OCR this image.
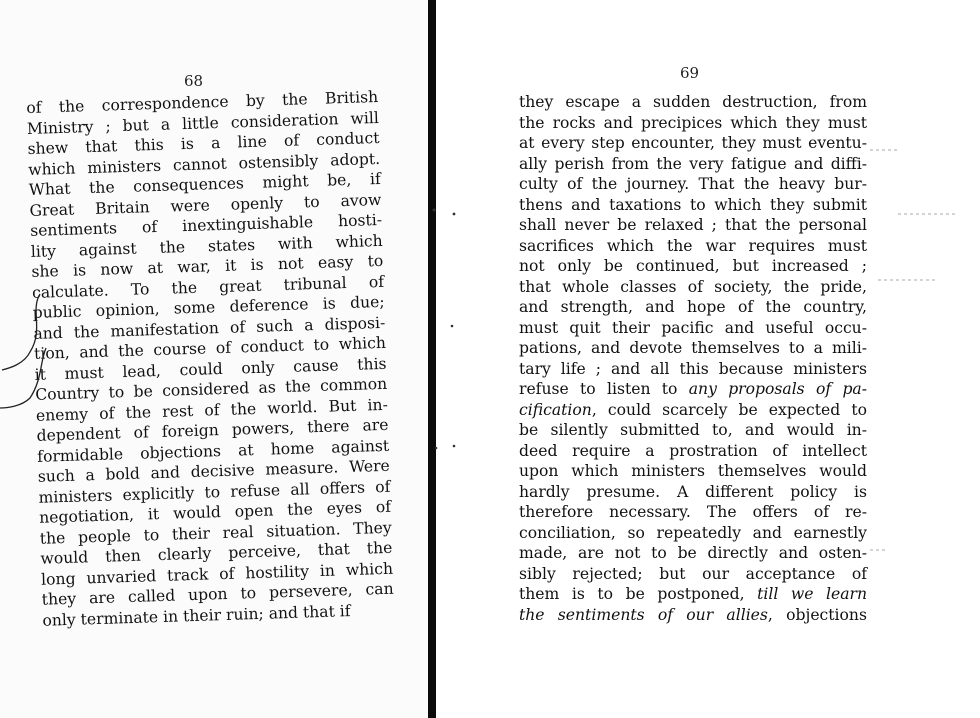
68
of the correspondence by the British
Ministry ; but a little consideration will
shew that this is a line of conduct
which ministers cannot ostensibly adopt.
What the consequences might be, if
Great Britain were openly to avow
sentiments of inextinguishable hosti-
lity against the states with which
she is now at war, it is not easy to
calculate. To the great tribunal of
public opinion, some deference is due;
and the manifestation of such a disposi-
tion, and the course of conduct to which
it must lead, could only cause this
Country to be considered as the common
enemy of the rest of the world. But in-
dependent of foreign powers, there are
formidable objections at home against
such a bold and decisive measure. Were
ministers explicitly to refuse all offers of
negotiation, it would open the eyes of
the people to their real situation. They
would then clearly perceive, that the
long unvaried track of hostility in which
they are called upon to persevere, can
only terminate in their ruin; and that if
69
they escape a sudden destruction, from
the rocks and precipices which they must
at every step encounter, they must eventu-
ally perish from the very fatigue and diffi-
culty of the journey. That the heavy bur-
thens and taxations to which they submit
shall never be relaxed ; that the personal
sacrifices which the war requires must
not only be continued, but increased ;
that whole classes of society, the pride,
and strength, and hope of the country,
must quit their pacific and useful occu-
pations, and devote themselves to a mili-
tary life ; and all this because ministers
refuse to listen to any proposals of pa-
cification, could scarcely be expected to
be silently submitted to, and would in-
deed require a prostration of intellect
upon which ministers themselves would
hardly presume. A different policy is
therefore necessary. The offers of re-
conciliation, so repeatedly and earnestly
made, are not to be directly and osten-
sibly rejected; but our acceptance of
them is to be postponed, till we learn
the sentiments of our allies, objections
